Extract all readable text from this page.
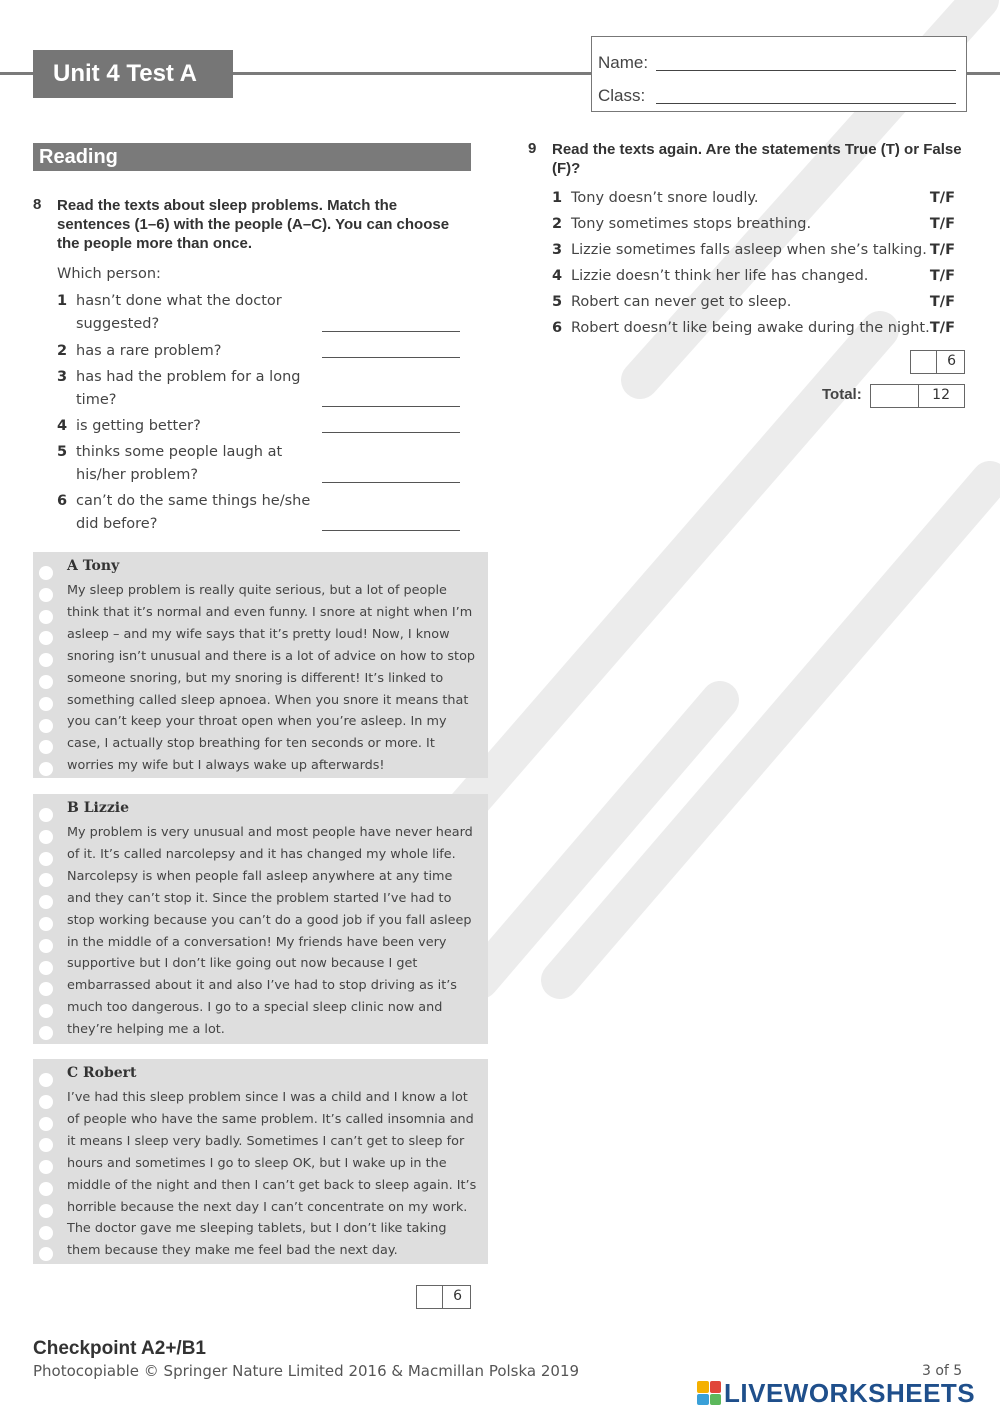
Unit 4 Test A	Name:
Class:
Reading
8 Read the texts about sleep problems. Match the sentences (1–6) with the people (A–C). You can choose the people more than once.
Which person:
1 hasn’t done what the doctor suggested?
2 has a rare problem?
3 has had the problem for a long time?
4 is getting better?
5 thinks some people laugh at his/her problem?
6 can’t do the same things he/she did before?
A Tony
My sleep problem is really quite serious, but a lot of people think that it’s normal and even funny. I snore at night when I’m asleep – and my wife says that it’s pretty loud! Now, I know snoring isn’t unusual and there is a lot of advice on how to stop someone snoring, but my snoring is different! It’s linked to something called sleep apnoea. When you snore it means that you can’t keep your throat open when you’re asleep. In my case, I actually stop breathing for ten seconds or more. It worries my wife but I always wake up afterwards!
B Lizzie
My problem is very unusual and most people have never heard of it. It’s called narcolepsy and it has changed my whole life. Narcolepsy is when people fall asleep anywhere at any time and they can’t stop it. Since the problem started I’ve had to stop working because you can’t do a good job if you fall asleep in the middle of a conversation! My friends have been very supportive but I don’t like going out now because I get embarrassed about it and also I’ve had to stop driving as it’s much too dangerous. I go to a special sleep clinic now and they’re helping me a lot.
C Robert
I’ve had this sleep problem since I was a child and I know a lot of people who have the same problem. It’s called insomnia and it means I sleep very badly. Sometimes I can’t get to sleep for hours and sometimes I go to sleep OK, but I wake up in the middle of the night and then I can’t get back to sleep again. It’s horrible because the next day I can’t concentrate on my work. The doctor gave me sleeping tablets, but I don’t like taking them because they make me feel bad the next day.
6
9 Read the texts again. Are the statements True (T) or False (F)?
1 Tony doesn’t snore loudly.	T/F
2 Tony sometimes stops breathing.	T/F
3 Lizzie sometimes falls asleep when she’s talking. T/F
4 Lizzie doesn’t think her life has changed.	T/F
5 Robert can never get to sleep.	T/F
6 Robert doesn’t like being awake during the night. T/F
6
Total:	12
Checkpoint A2+/B1
Photocopiable © Springer Nature Limited 2016 & Macmillan Polska 2019	3 of 5
LIVEWORKSHEETS
